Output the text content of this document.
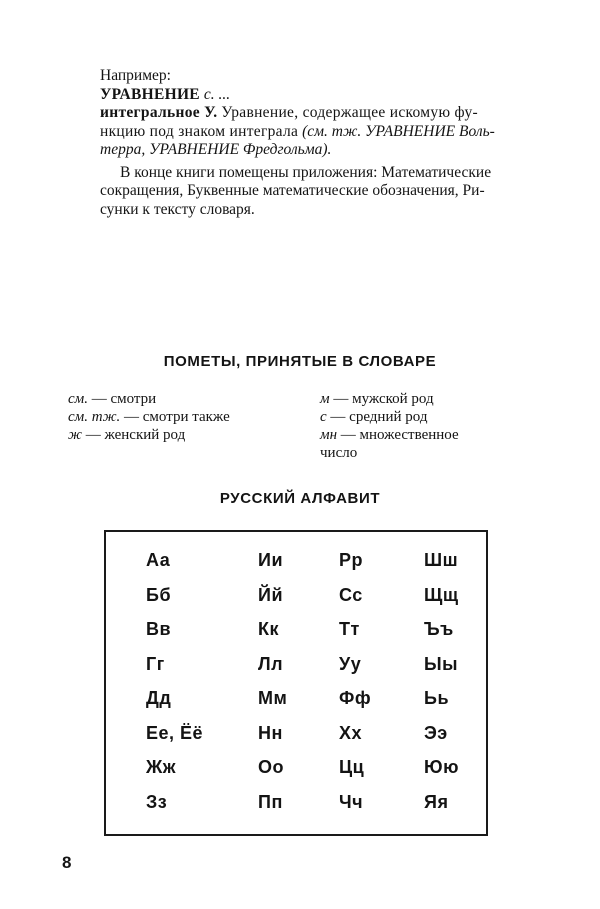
Например:

УРАВНЕНИЕ с. ...

интегральное У. Уравнение, содержащее искомую фу-
нкцию под знаком интеграла (см. тж. УРАВНЕНИЕ Воль-
терра, УРАВНЕНИЕ Фредгольма).

В конце книги помещены приложения: Математические
сокращения, Буквенные математические обозначения, Ри-
сунки к тексту словаря.

ПОМЕТЫ, ПРИНЯТЫЕ В СЛОВАРЕ
см. — смотри
см. тж. — смотри также
ж — женский род
м — мужской род
с — средний род
мн — множественное
число
РУССКИЙ АЛФАВИТ
Аа
Бб
Вв
Гг
Дд
Ее, Ёё
Жж
Зз
Ии
Йй
Кк
Лл
Мм
Нн
Оо
Пп
Рр
Сс
Тт
Уу
Фф
Хх
Цц
Чч
Шш
Щщ
Ъъ
Ыы
Ьь
Ээ
Юю
Яя
8
